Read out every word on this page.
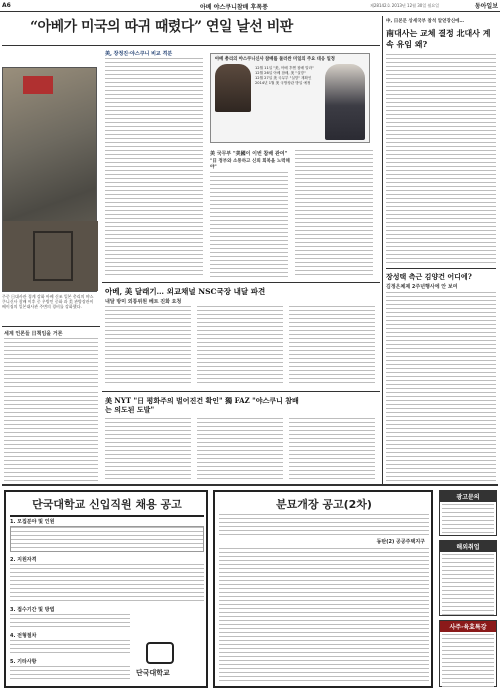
A6	아베 야스쿠니참배 후폭풍	제28142호 2013년 12월 30일 월요일	동아일보
“아베가 미국의 따귀 때렸다” 연일 날선 비판
주중 日대사관 경계 강화 아베 신조 일본 총리의 야스쿠니신사 참배 이후 중 우방인 중화 과 美 관방장관이 베이징의 일본대사관 주변의 경비를 강화했다.
美, 장정진·야스쿠니 비교 격분
아베 총리의 야스쿠니신사 참배를 둘러싼 미일의 주요 대응 일정
12월 11일 "美, 아베 후엔 참배 말라"
12월 26일 아베 참배, 美 "실망"
12월 27일 美 국무부 "실망" 재확인
2014년 1월 美 국방장관 방일 예정
美 국무부 "美國이 이번 참배 관여"
"日 정부와 소통하고 신뢰 회복을 노력해야"
아베, 美 달래기… 외교채널 NSC국장 내달 파견
내달 방미 외통위원 베트 진화 요청
세계 언론들 日책임을 거론
美 NYT "日 평화주의 벌어진건 확인" 獨 FAZ "야스쿠니 참배는 의도된 도발"
中, 日본문 상세국부 참석 알얻장신에…
南대사는 교체 결정 北대사 계속 유임 왜?
장성택 측근 김양건 어디에?
김정은체제 2주년행사에 안 보여
단국대학교 신입직원 채용 공고
1. 모집분야 및 인원
2. 지원자격
3. 접수기간 및 방법
4. 전형절차
5. 기타사항
단국대학교
분묘개장 공고(2차)
동탄(2) 공공주택지구
광고문의
해외취업
사주·육효특강
